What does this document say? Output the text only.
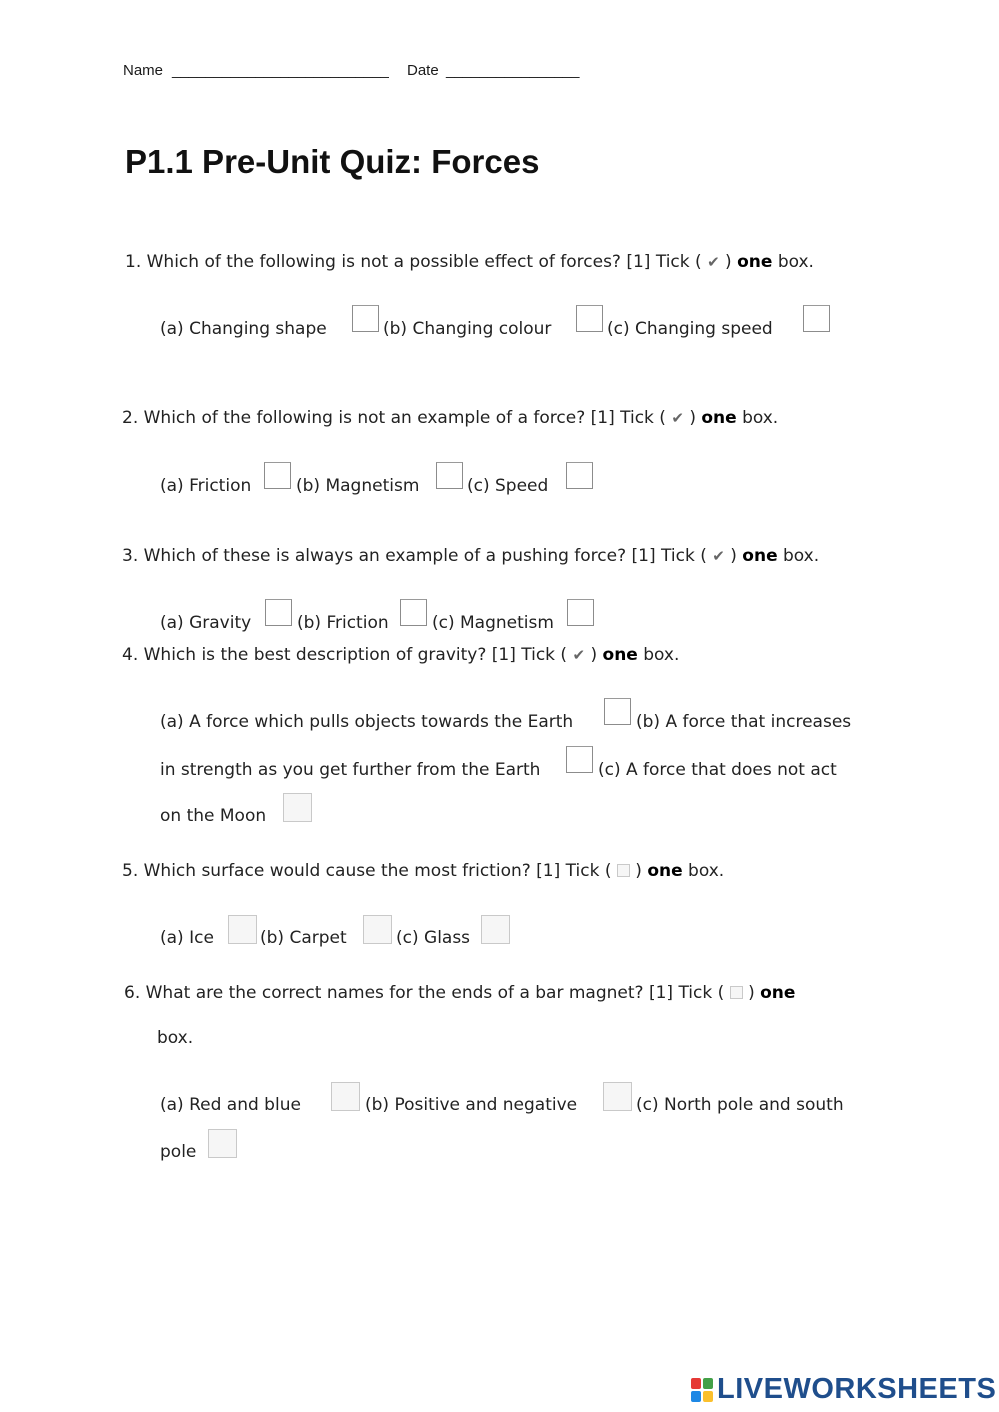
Name __________________________ Date ________________
P1.1 Pre-Unit Quiz: Forces
1. Which of the following is not a possible effect of forces? [1] Tick ( ✔ ) one box.
(a) Changing shape	(b) Changing colour	(c) Changing speed
2. Which of the following is not an example of a force? [1] Tick ( ✔ ) one box.
(a) Friction	(b) Magnetism	(c) Speed
3. Which of these is always an example of a pushing force? [1] Tick ( ✔ ) one box.
(a) Gravity	(b) Friction	(c) Magnetism
4. Which is the best description of gravity? [1] Tick ( ✔ ) one box.
(a) A force which pulls objects towards the Earth	(b) A force that increases
in strength as you get further from the Earth	(c) A force that does not act
on the Moon
5. Which surface would cause the most friction? [1] Tick ( ) one box.
(a) Ice	(b) Carpet	(c) Glass
6. What are the correct names for the ends of a bar magnet? [1] Tick ( ) one
box.
(a) Red and blue	(b) Positive and negative	(c) North pole and south
pole
LIVEWORKSHEETS
